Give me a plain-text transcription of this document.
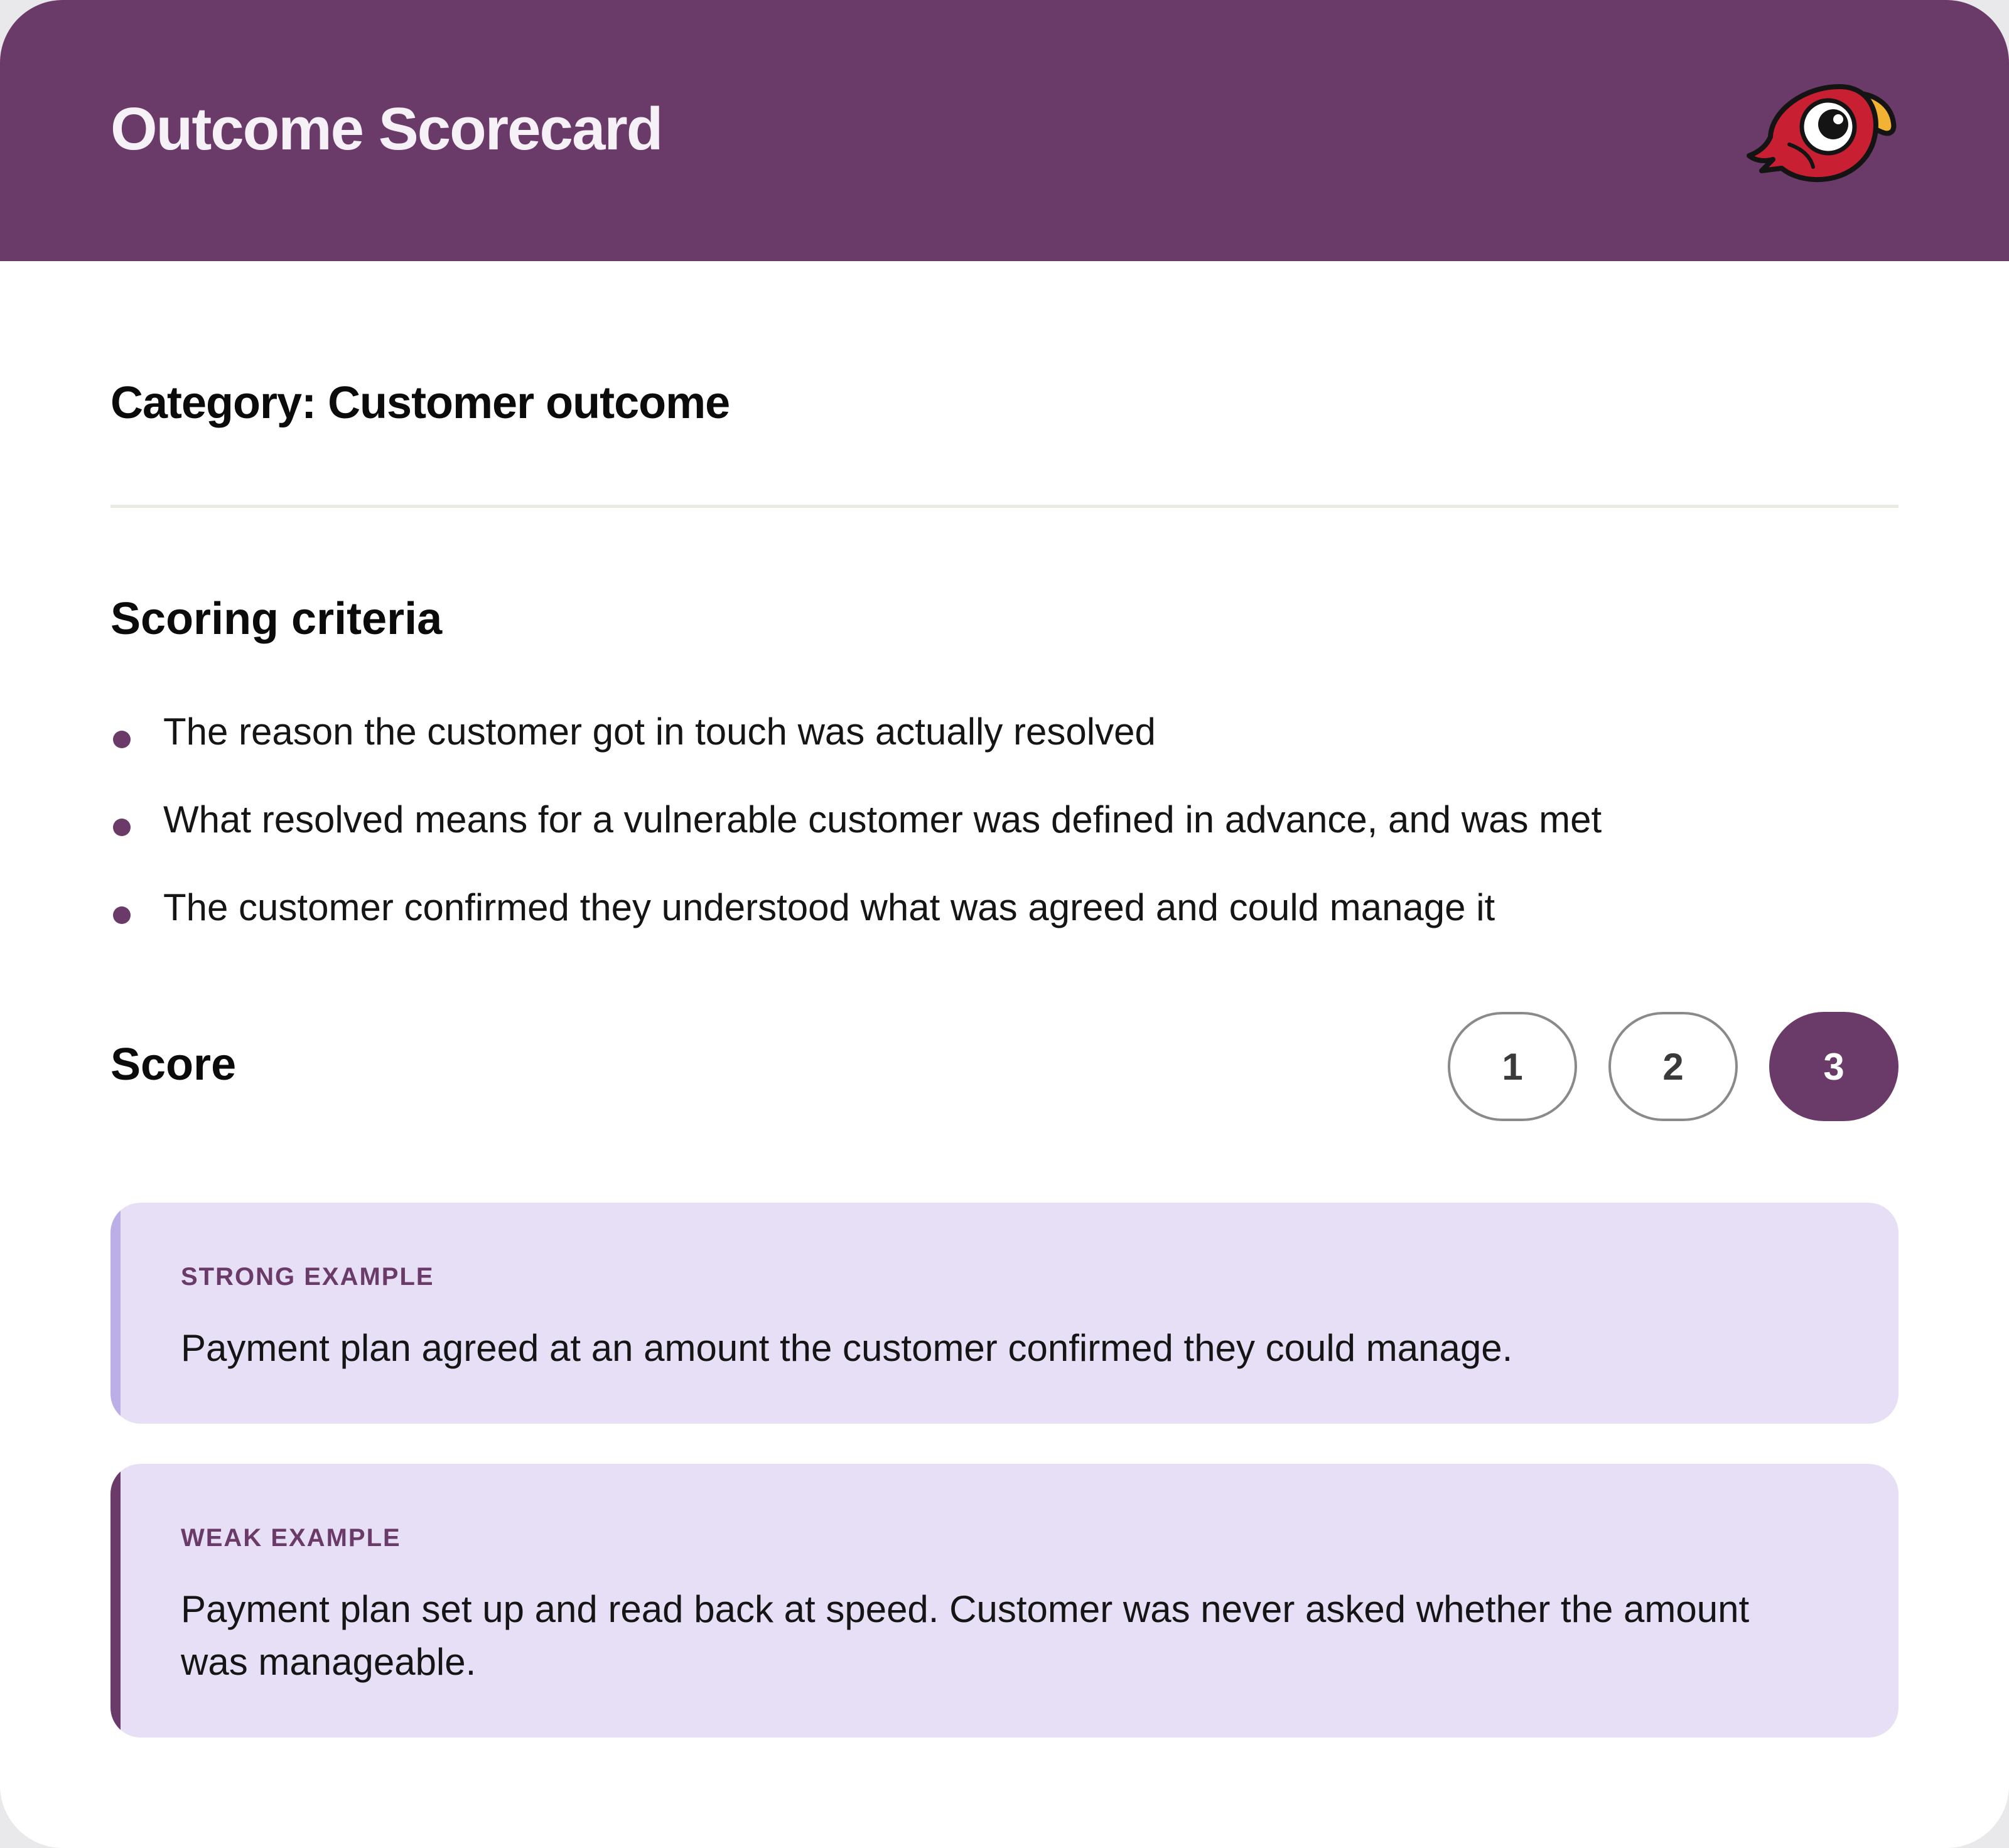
Outcome Scorecard
Category: Customer outcome
Scoring criteria
The reason the customer got in touch was actually resolved
What resolved means for a vulnerable customer was defined in advance, and was met
The customer confirmed they understood what was agreed and could manage it
Score	1	2	3
STRONG EXAMPLE
Payment plan agreed at an amount the customer confirmed they could manage.
WEAK EXAMPLE
Payment plan set up and read back at speed. Customer was never asked whether the amount was manageable.
